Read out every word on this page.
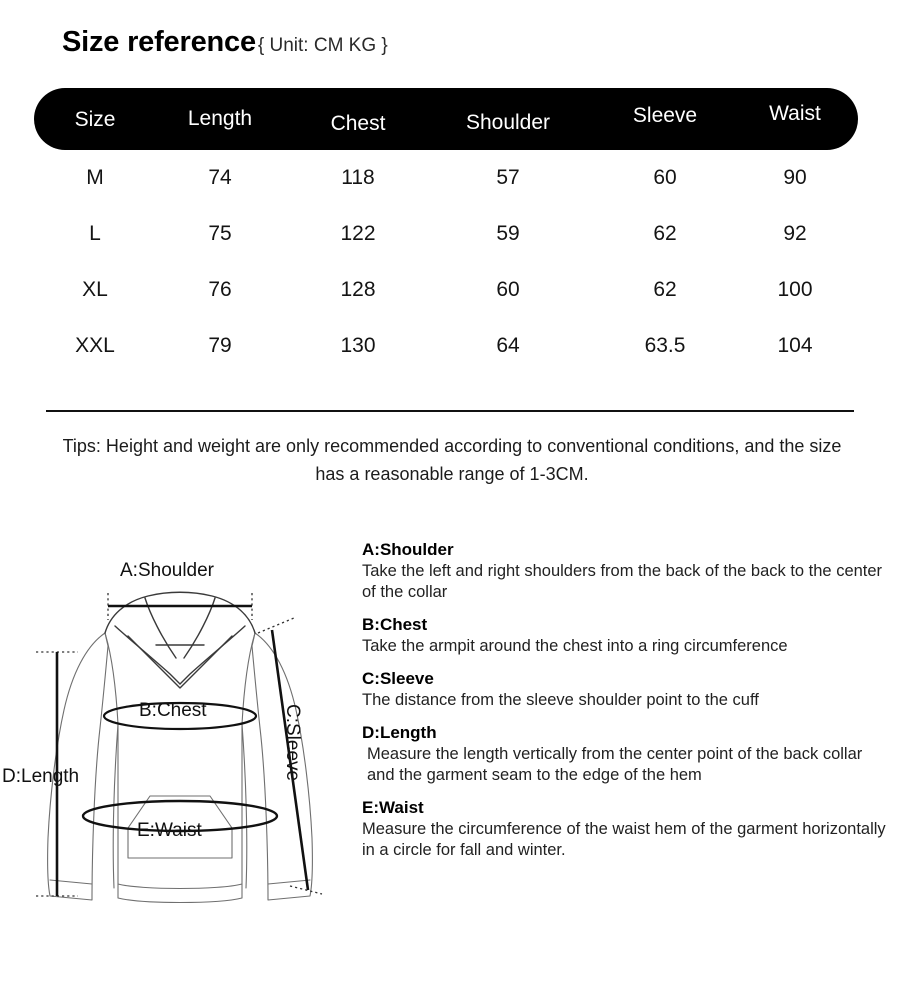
Size reference { Unit: CM KG }
Size	Length	Chest	Shoulder	Sleeve	Waist
M	74	118	57	60	90
L	75	122	59	62	92
XL	76	128	60	62	100
XXL	79	130	64	63.5	104
Tips: Height and weight are only recommended according to conventional conditions, and the size has a reasonable range of 1-3CM.
A:Shoulder
B:Chest	C:Sleeve
D:Length
E:Waist
A:Shoulder
Take the left and right shoulders from the back of the back to the center of the collar
B:Chest
Take the armpit around the chest into a ring circumference
C:Sleeve
The distance from the sleeve shoulder point to the cuff
D:Length
Measure the length vertically from the center point of the back collar and the garment seam to the edge of the hem
E:Waist
Measure the circumference of the waist hem of the garment horizontally in a circle for fall and winter.
